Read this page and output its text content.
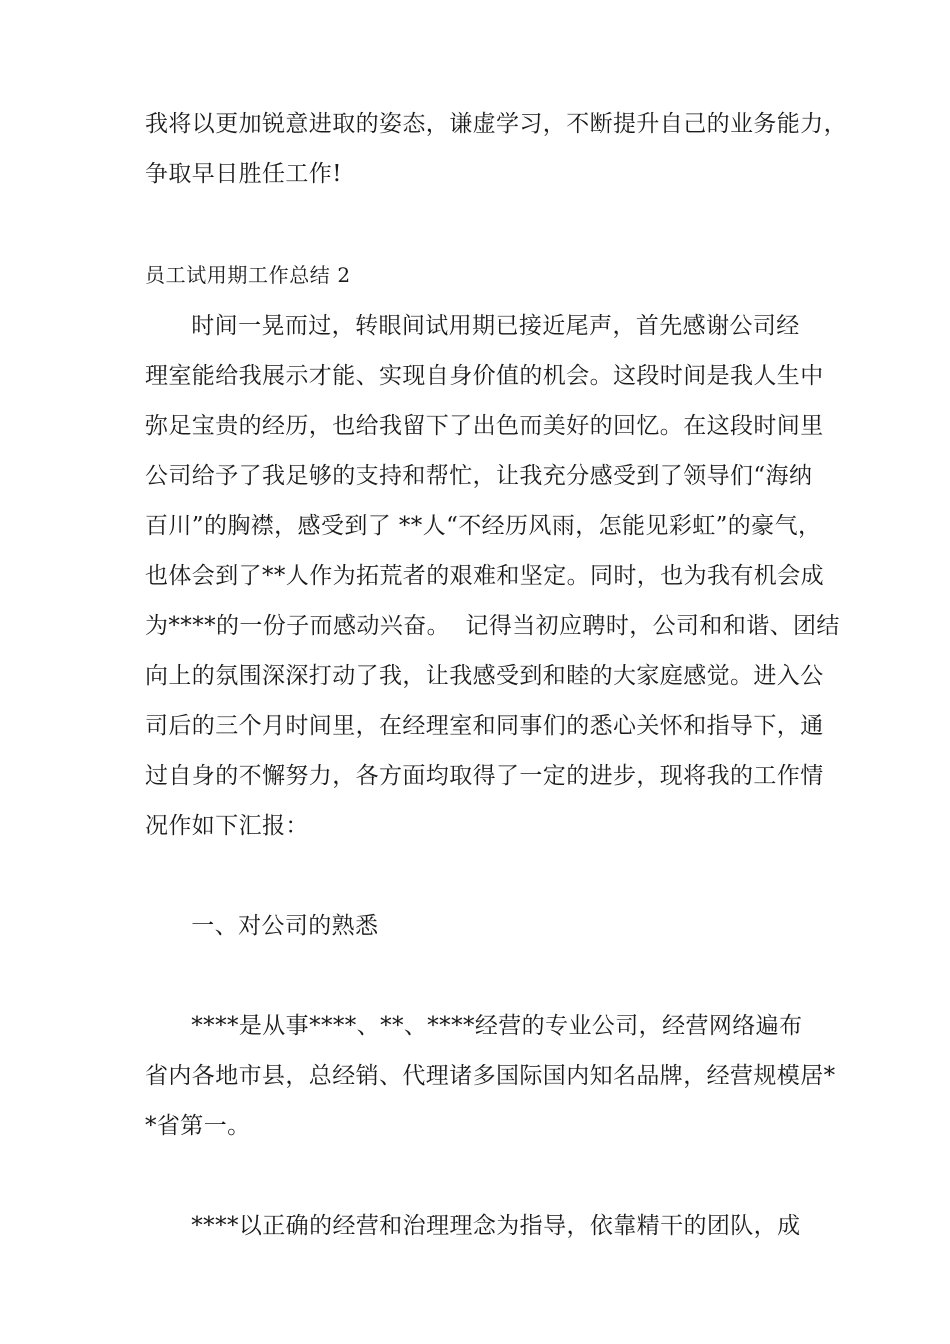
我将以更加锐意进取的姿态，谦虚学习，不断提升自己的业务能力，
争取早日胜任工作!
员工试用期工作总结 2
时间一晃而过，转眼间试用期已接近尾声，首先感谢公司经
理室能给我展示才能、实现自身价值的机会。这段时间是我人生中
弥足宝贵的经历，也给我留下了出色而美好的回忆。在这段时间里
公司给予了我足够的支持和帮忙，让我充分感受到了领导们“海纳
百川”的胸襟，感受到了 **人“不经历风雨，怎能见彩虹”的豪气，
也体会到了**人作为拓荒者的艰难和坚定。同时，也为我有机会成
为****的一份子而感动兴奋。  记得当初应聘时，公司和和谐、团结
向上的氛围深深打动了我，让我感受到和睦的大家庭感觉。进入公
司后的三个月时间里，在经理室和同事们的悉心关怀和指导下，通
过自身的不懈努力，各方面均取得了一定的进步，现将我的工作情
况作如下汇报：
一、对公司的熟悉
****是从事****、**、****经营的专业公司，经营网络遍布
省内各地市县，总经销、代理诸多国际国内知名品牌，经营规模居*
*省第一。
****以正确的经营和治理理念为指导，依靠精干的团队，成
